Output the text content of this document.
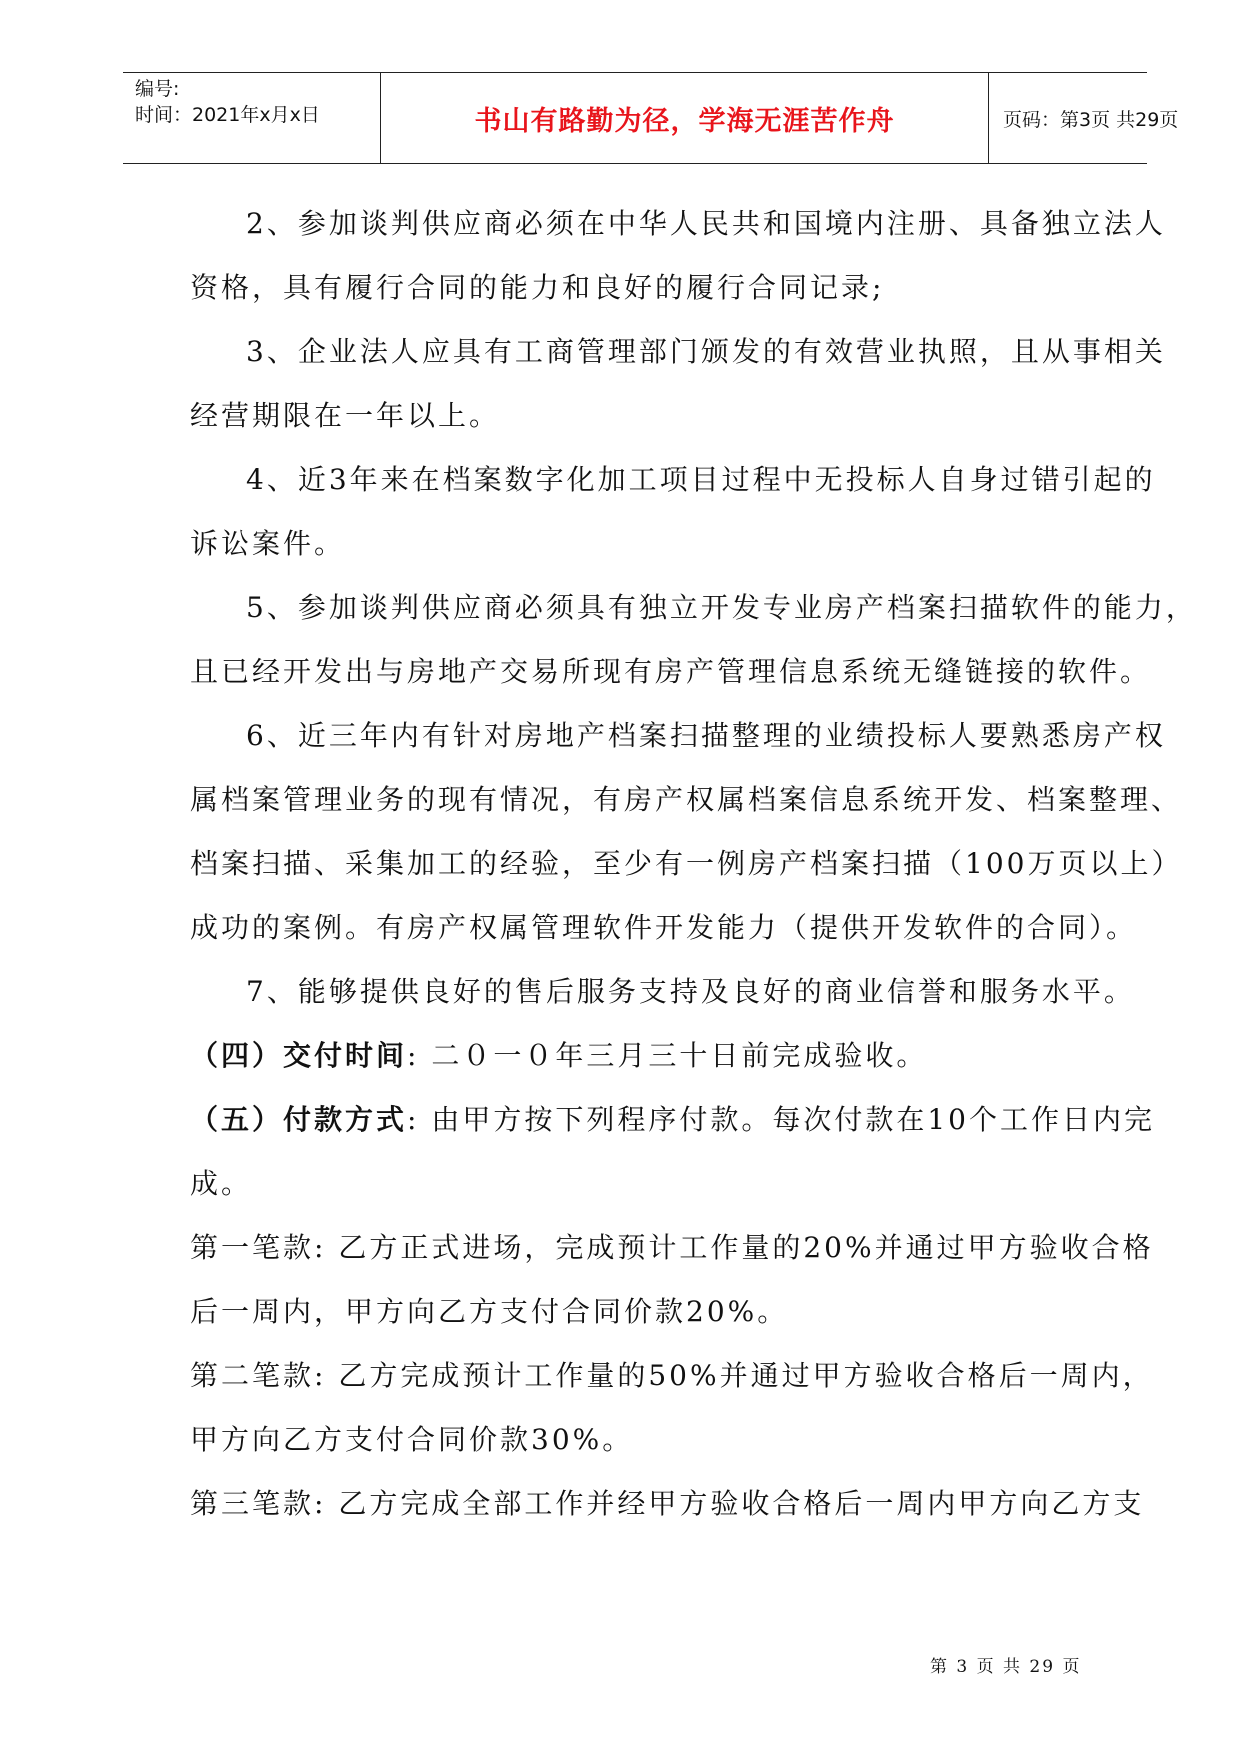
编号:
时间：2021年x月x日	书山有路勤为径，学海无涯苦作舟	页码：第3页 共29页
2、参加谈判供应商必须在中华人民共和国境内注册、具备独立法人
资格，具有履行合同的能力和良好的履行合同记录;
3、企业法人应具有工商管理部门颁发的有效营业执照，且从事相关
经营期限在一年以上。
4、近3年来在档案数字化加工项目过程中无投标人自身过错引起的
诉讼案件。
5、参加谈判供应商必须具有独立开发专业房产档案扫描软件的能力，
且已经开发出与房地产交易所现有房产管理信息系统无缝链接的软件。
6、近三年内有针对房地产档案扫描整理的业绩投标人要熟悉房产权
属档案管理业务的现有情况，有房产权属档案信息系统开发、档案整理、
档案扫描、采集加工的经验，至少有一例房产档案扫描（100万页以上）
成功的案例。有房产权属管理软件开发能力（提供开发软件的合同）。
7、能够提供良好的售后服务支持及良好的商业信誉和服务水平。
（四）交付时间: 二０一０年三月三十日前完成验收。
（五）付款方式: 由甲方按下列程序付款。每次付款在10个工作日内完
成。
第一笔款: 乙方正式进场，完成预计工作量的20%并通过甲方验收合格
后一周内，甲方向乙方支付合同价款20%。
第二笔款: 乙方完成预计工作量的50%并通过甲方验收合格后一周内，
甲方向乙方支付合同价款30%。
第三笔款: 乙方完成全部工作并经甲方验收合格后一周内甲方向乙方支
第 3 页 共 29 页
